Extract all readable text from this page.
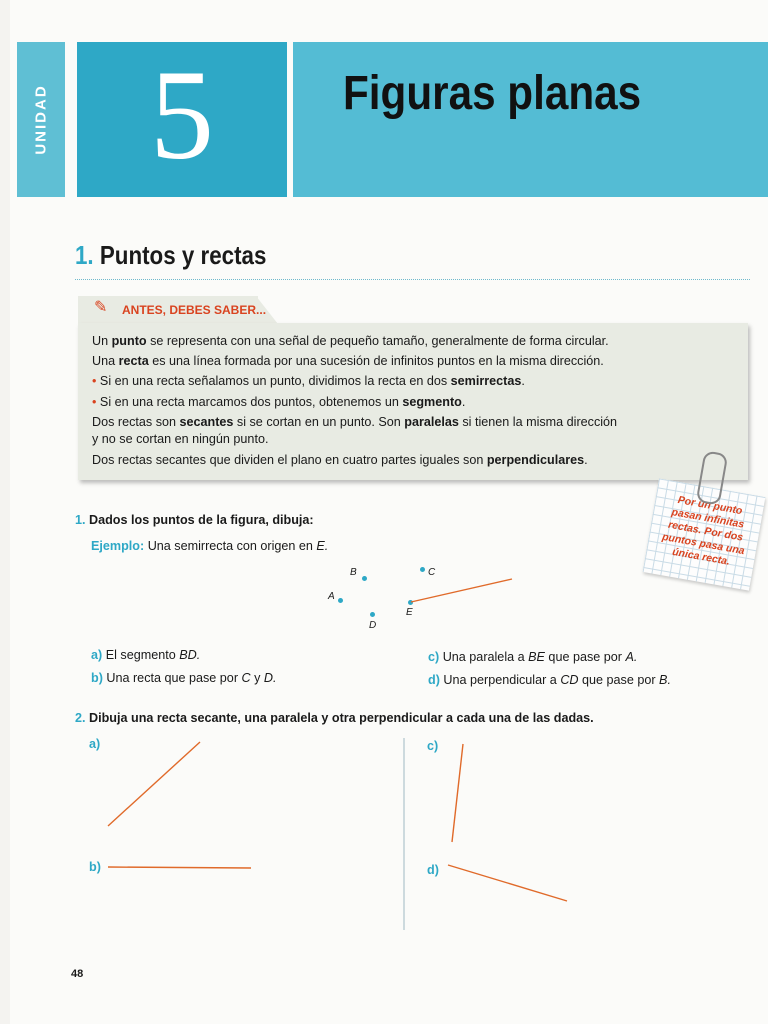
UNIDAD 5	Figuras planas
1. Puntos y rectas
✎	ANTES, DEBES SABER...
Un punto se representa con una señal de pequeño tamaño, generalmente de forma circular.
Una recta es una línea formada por una sucesión de infinitos puntos en la misma dirección.
• Si en una recta señalamos un punto, dividimos la recta en dos semirrectas.
• Si en una recta marcamos dos puntos, obtenemos un segmento.
Dos rectas son secantes si se cortan en un punto. Son paralelas si tienen la misma dirección
y no se cortan en ningún punto.
Dos rectas secantes que dividen el plano en cuatro partes iguales son perpendiculares.
Por un punto pasan infinitas rectas. Por dos puntos pasa una única recta.
1. Dados los puntos de la figura, dibuja:
Ejemplo: Una semirrecta con origen en E.
B	C
A
D
E
a) El segmento BD.
b) Una recta que pase por C y D.
c) Una paralela a BE que pase por A.
d) Una perpendicular a CD que pase por B.
2. Dibuja una recta secante, una paralela y otra perpendicular a cada una de las dadas.
a)
b)
c)
d)
48
